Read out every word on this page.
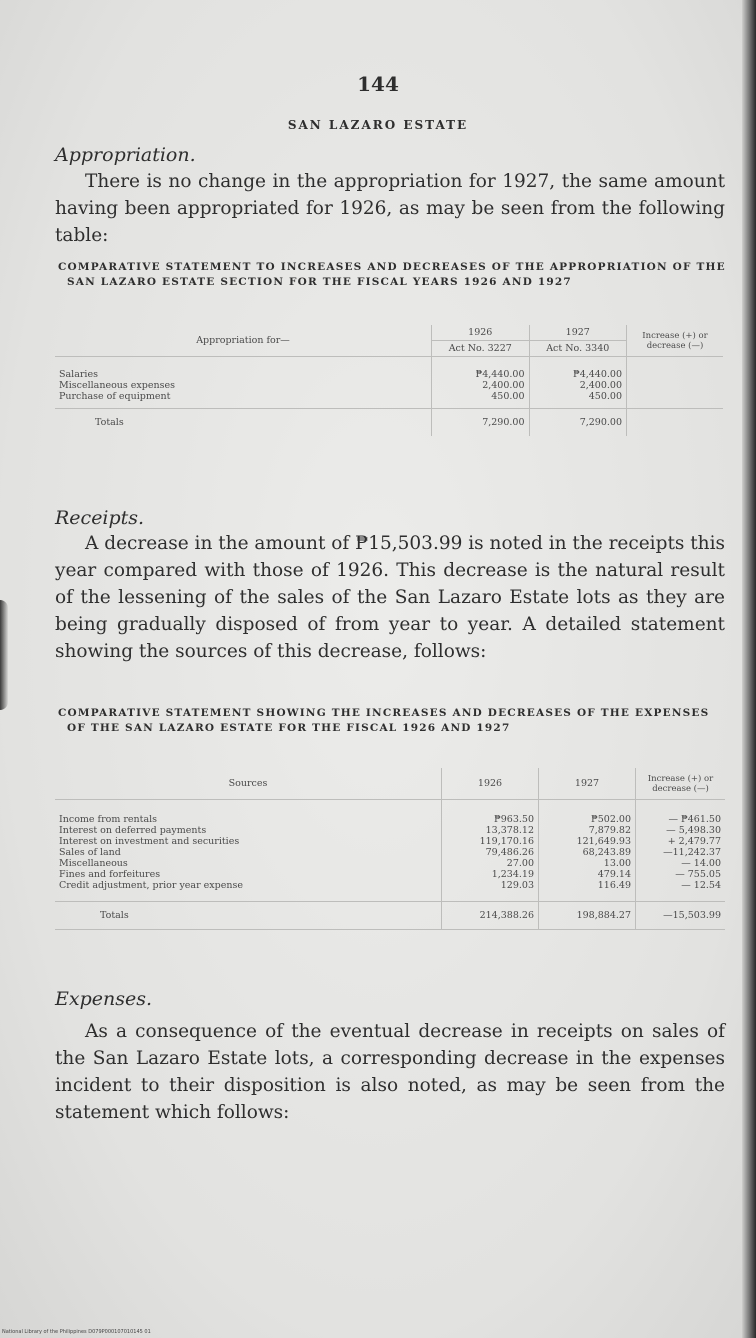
144
SAN LAZARO ESTATE
Appropriation.
There is no change in the appropriation for 1927, the same amount having been appropriated for 1926, as may be seen from the following table:
COMPARATIVE STATEMENT TO INCREASES AND DECREASES OF THE APPROPRIATION OF THE SAN LAZARO ESTATE SECTION FOR THE FISCAL YEARS 1926 AND 1927
Appropriation for—	1926	1927	Increase (+) or decrease (—)
	Act No. 3227	Act No. 3340	
Salaries	₱4,440.00	₱4,440.00	
Miscellaneous expenses	2,400.00	2,400.00	
Purchase of equipment	450.00	450.00	
Totals	7,290.00	7,290.00	
Receipts.
A decrease in the amount of ₱15,503.99 is noted in the receipts this year compared with those of 1926. This decrease is the natural result of the lessening of the sales of the San Lazaro Estate lots as they are being gradually disposed of from year to year. A detailed statement showing the sources of this decrease, follows:
COMPARATIVE STATEMENT SHOWING THE INCREASES AND DECREASES OF THE EXPENSES OF THE SAN LAZARO ESTATE FOR THE FISCAL 1926 AND 1927
Sources	1926	1927	Increase (+) or decrease (—)
Income from rentals	₱963.50	₱502.00	— ₱461.50
Interest on deferred payments	13,378.12	7,879.82	— 5,498.30
Interest on investment and securities	119,170.16	121,649.93	+ 2,479.77
Sales of land	79,486.26	68,243.89	—11,242.37
Miscellaneous	27.00	13.00	— 14.00
Fines and forfeitures	1,234.19	479.14	— 755.05
Credit adjustment, prior year expense	129.03	116.49	— 12.54
Totals	214,388.26	198,884.27	—15,503.99
Expenses.
As a consequence of the eventual decrease in receipts on sales of the San Lazaro Estate lots, a corresponding decrease in the expenses incident to their disposition is also noted, as may be seen from the statement which follows:
National Library of the Philippines D079P000107010145 01
